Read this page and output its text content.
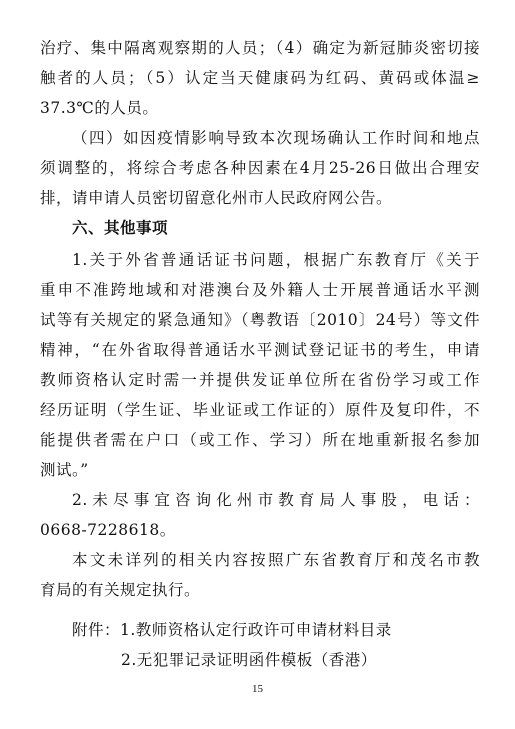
治疗、集中隔离观察期的人员；（4）确定为新冠肺炎密切接
触者的人员；（5）认定当天健康码为红码、黄码或体温≥
37.3℃的人员。
（四）如因疫情影响导致本次现场确认工作时间和地点
须调整的，将综合考虑各种因素在4月25-26日做出合理安
排，请申请人员密切留意化州市人民政府网公告。
六、其他事项
1.关于外省普通话证书问题，根据广东教育厅《关于
重申不准跨地域和对港澳台及外籍人士开展普通话水平测
试等有关规定的紧急通知》（粤教语〔2010〕24号）等文件
精神，“在外省取得普通话水平测试登记证书的考生，申请
教师资格认定时需一并提供发证单位所在省份学习或工作
经历证明（学生证、毕业证或工作证的）原件及复印件，不
能提供者需在户口（或工作、学习）所在地重新报名参加
测试。”
2.未尽事宜咨询化州市教育局人事股，电话：
0668-7228618。
本文未详列的相关内容按照广东省教育厅和茂名市教
育局的有关规定执行。
附件：1.教师资格认定行政许可申请材料目录
2.无犯罪记录证明函件模板（香港）
15
